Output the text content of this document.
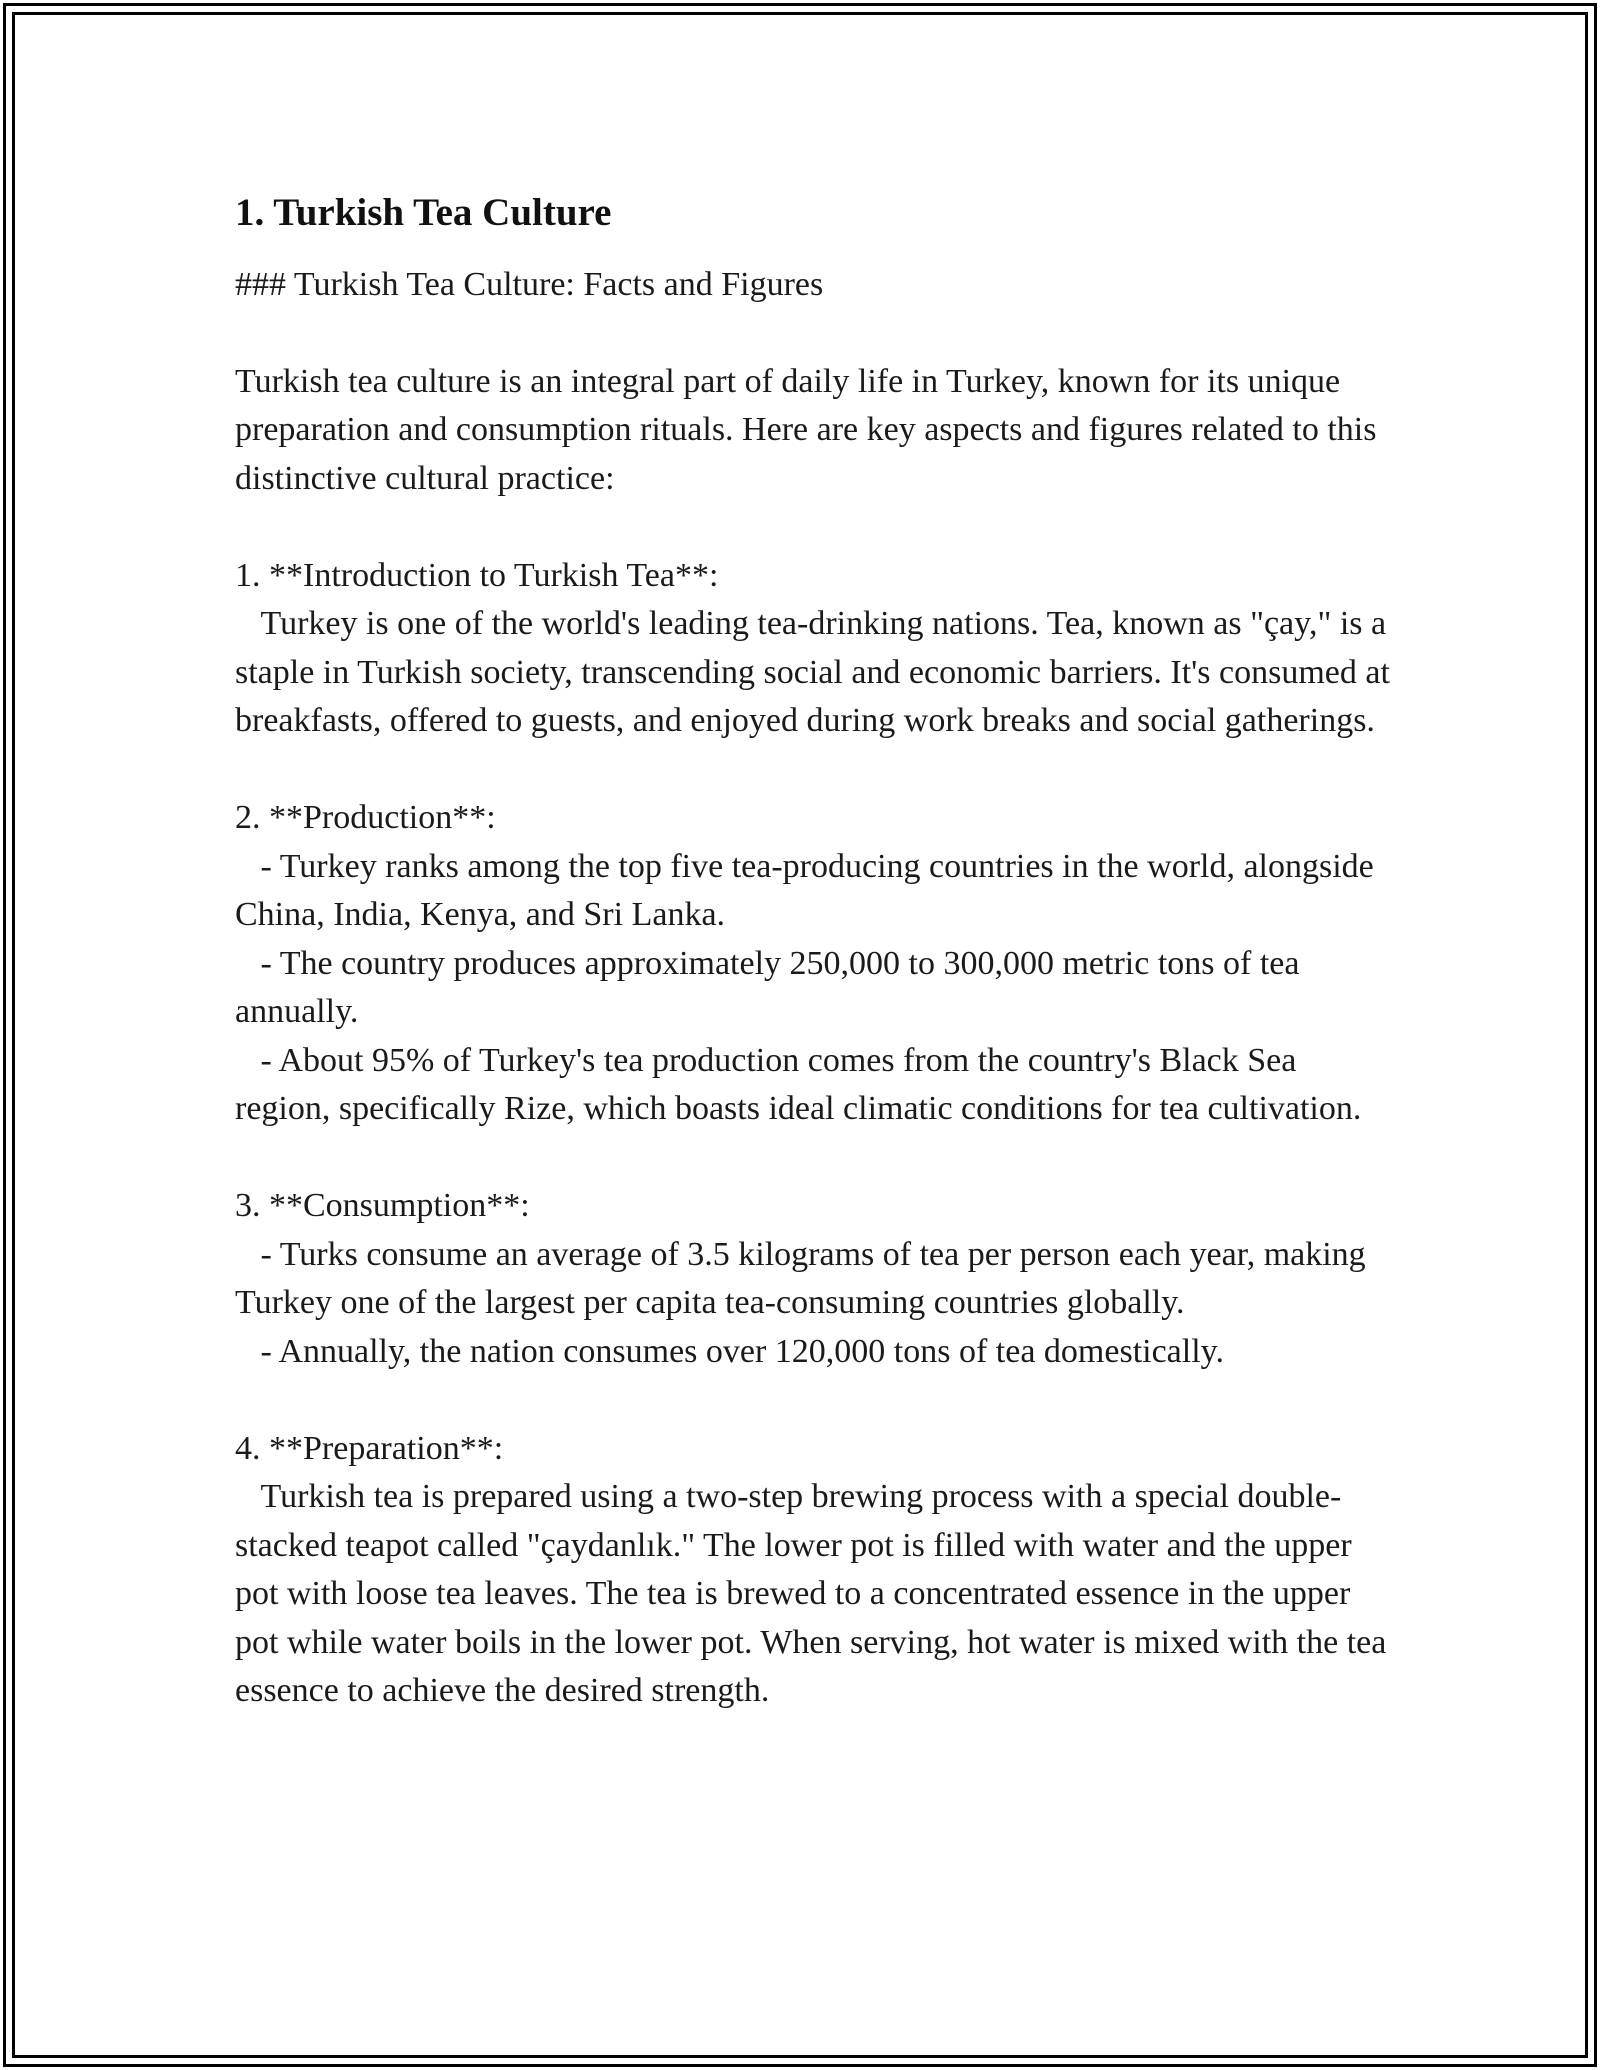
1. Turkish Tea Culture
### Turkish Tea Culture: Facts and Figures
Turkish tea culture is an integral part of daily life in Turkey, known for its unique preparation and consumption rituals. Here are key aspects and figures related to this distinctive cultural practice:
1. **Introduction to Turkish Tea**:
Turkey is one of the world's leading tea-drinking nations. Tea, known as "çay," is a staple in Turkish society, transcending social and economic barriers. It's consumed at breakfasts, offered to guests, and enjoyed during work breaks and social gatherings.
2. **Production**:
- Turkey ranks among the top five tea-producing countries in the world, alongside China, India, Kenya, and Sri Lanka.
- The country produces approximately 250,000 to 300,000 metric tons of tea annually.
- About 95% of Turkey's tea production comes from the country's Black Sea region, specifically Rize, which boasts ideal climatic conditions for tea cultivation.
3. **Consumption**:
- Turks consume an average of 3.5 kilograms of tea per person each year, making Turkey one of the largest per capita tea-consuming countries globally.
- Annually, the nation consumes over 120,000 tons of tea domestically.
4. **Preparation**:
Turkish tea is prepared using a two-step brewing process with a special double-stacked teapot called "çaydanlık." The lower pot is filled with water and the upper pot with loose tea leaves. The tea is brewed to a concentrated essence in the upper pot while water boils in the lower pot. When serving, hot water is mixed with the tea essence to achieve the desired strength.
